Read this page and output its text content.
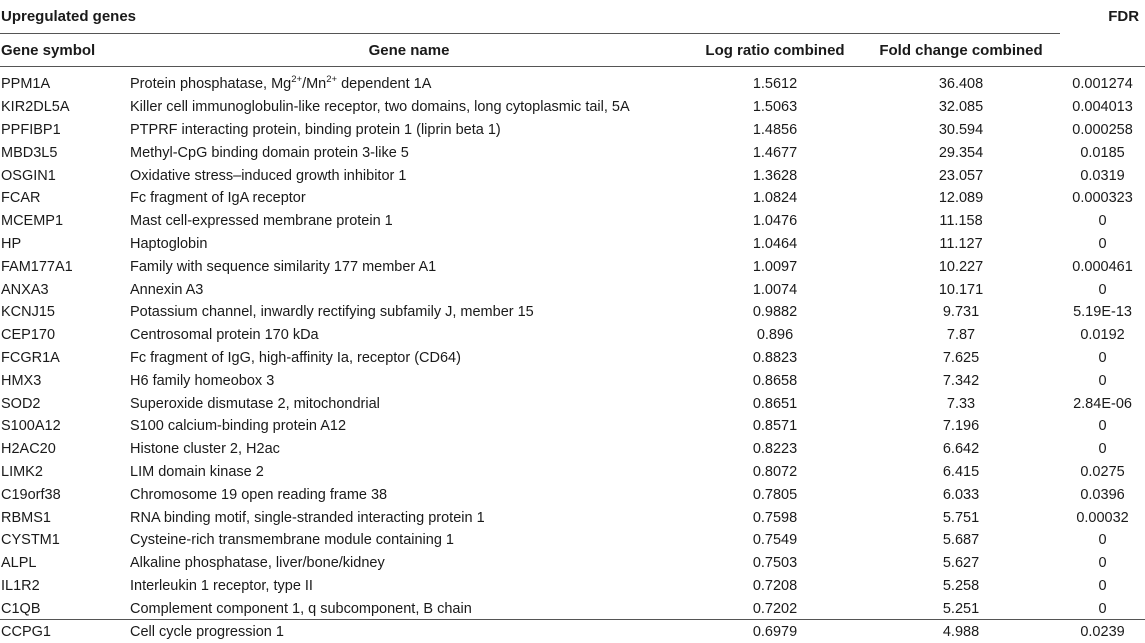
Upregulated genes				FDR
Gene symbol	Gene name	Log ratio combined	Fold change combined	
PPM1A	Protein phosphatase, $Mg^{2+}/Mn^{2+}$ dependent 1A	1.5612	36.408	0.001274
KIR2DL5A	Killer cell immunoglobulin-like receptor, two domains, long cytoplasmic tail, 5A	1.5063	32.085	0.004013
PPFIBP1	PTPRF interacting protein, binding protein 1 (liprin beta 1)	1.4856	30.594	0.000258
MBD3L5	Methyl-CpG binding domain protein 3-like 5	1.4677	29.354	0.0185
OSGIN1	Oxidative stress–induced growth inhibitor 1	1.3628	23.057	0.0319
FCAR	Fc fragment of IgA receptor	1.0824	12.089	0.000323
MCEMP1	Mast cell-expressed membrane protein 1	1.0476	11.158	0
HP	Haptoglobin	1.0464	11.127	0
FAM177A1	Family with sequence similarity 177 member A1	1.0097	10.227	0.000461
ANXA3	Annexin A3	1.0074	10.171	0
KCNJ15	Potassium channel, inwardly rectifying subfamily J, member 15	0.9882	9.731	5.19E-13
CEP170	Centrosomal protein 170 kDa	0.896	7.87	0.0192
FCGR1A	Fc fragment of IgG, high-affinity Ia, receptor (CD64)	0.8823	7.625	0
HMX3	H6 family homeobox 3	0.8658	7.342	0
SOD2	Superoxide dismutase 2, mitochondrial	0.8651	7.33	2.84E-06
S100A12	S100 calcium-binding protein A12	0.8571	7.196	0
H2AC20	Histone cluster 2, H2ac	0.8223	6.642	0
LIMK2	LIM domain kinase 2	0.8072	6.415	0.0275
C19orf38	Chromosome 19 open reading frame 38	0.7805	6.033	0.0396
RBMS1	RNA binding motif, single-stranded interacting protein 1	0.7598	5.751	0.00032
CYSTM1	Cysteine-rich transmembrane module containing 1	0.7549	5.687	0
ALPL	Alkaline phosphatase, liver/bone/kidney	0.7503	5.627	0
IL1R2	Interleukin 1 receptor, type II	0.7208	5.258	0
C1QB	Complement component 1, q subcomponent, B chain	0.7202	5.251	0
CCPG1	Cell cycle progression 1	0.6979	4.988	0.0239
